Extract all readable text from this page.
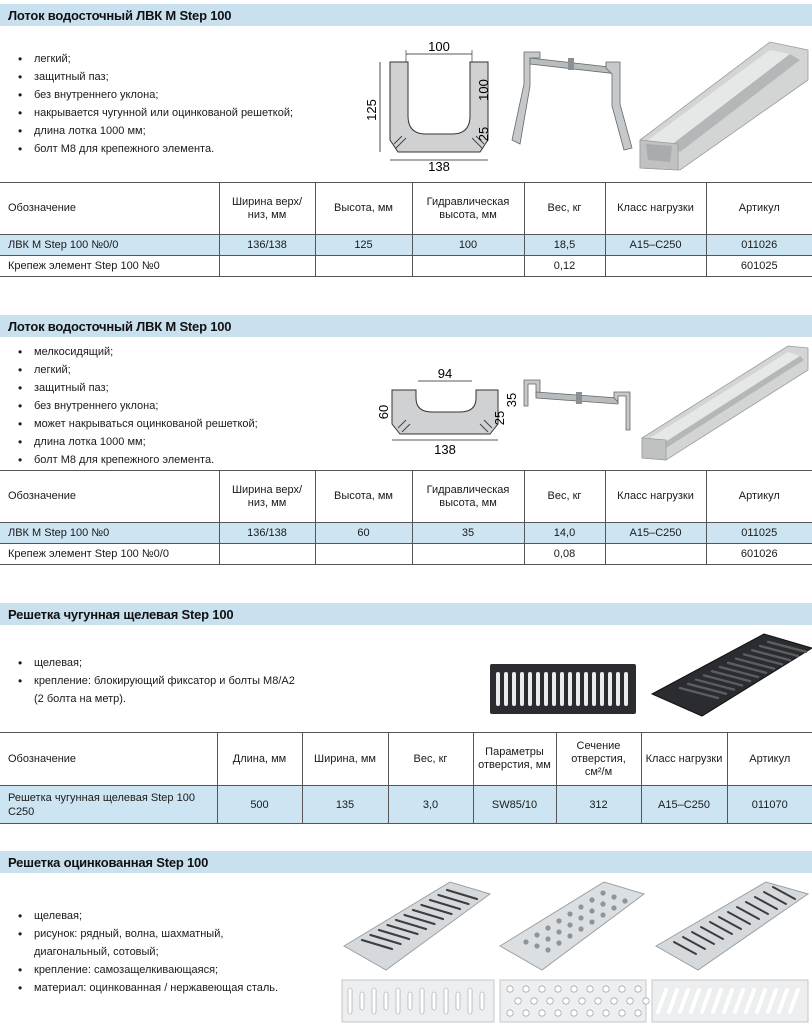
Лоток водосточный ЛВК M Step 100
• легкий;
• защитный паз;
• без внутреннего уклона;
• накрывается чугунной или оцинкованой решеткой;
• длина лотка 1000 мм;
• болт M8 для крепежного элемента.
100
125
138
100
25
Обозначение	Ширина верх/низ, мм	Высота, мм	Гидравлическая высота, мм	Вес, кг	Класс нагрузки	Артикул
ЛВК M Step 100 №0/0	136/138	125	100	18,5	А15–С250	011026
Крепеж элемент Step 100 №0				0,12		601025
Лоток водосточный ЛВК M Step 100
• мелкосидящий;
• легкий;
• защитный паз;
• без внутреннего уклона;
• может накрываться оцинкованой решеткой;
• длина лотка 1000 мм;
• болт M8 для крепежного элемента.
94
60
138
25
35
Обозначение	Ширина верх/низ, мм	Высота, мм	Гидравлическая высота, мм	Вес, кг	Класс нагрузки	Артикул
ЛВК M Step 100 №0	136/138	60	35	14,0	А15–С250	011025
Крепеж элемент Step 100 №0/0				0,08		601026
Решетка чугунная щелевая Step 100
• щелевая;
• крепление: блокирующий фиксатор и болты M8/А2
(2 болта на метр).
Обозначение	Длина, мм	Ширина, мм	Вес, кг	Параметры отверстия, мм	Сечение отверстия, см²/м	Класс нагрузки	Артикул
Решетка чугунная щелевая Step 100 С250	500	135	3,0	SW85/10	312	А15–С250	011070
Решетка оцинкованная Step 100
• щелевая;
• рисунок: рядный, волна, шахматный,
диагональный, сотовый;
• крепление: самозащелкивающаяся;
• материал: оцинкованная / нержавеющая сталь.
